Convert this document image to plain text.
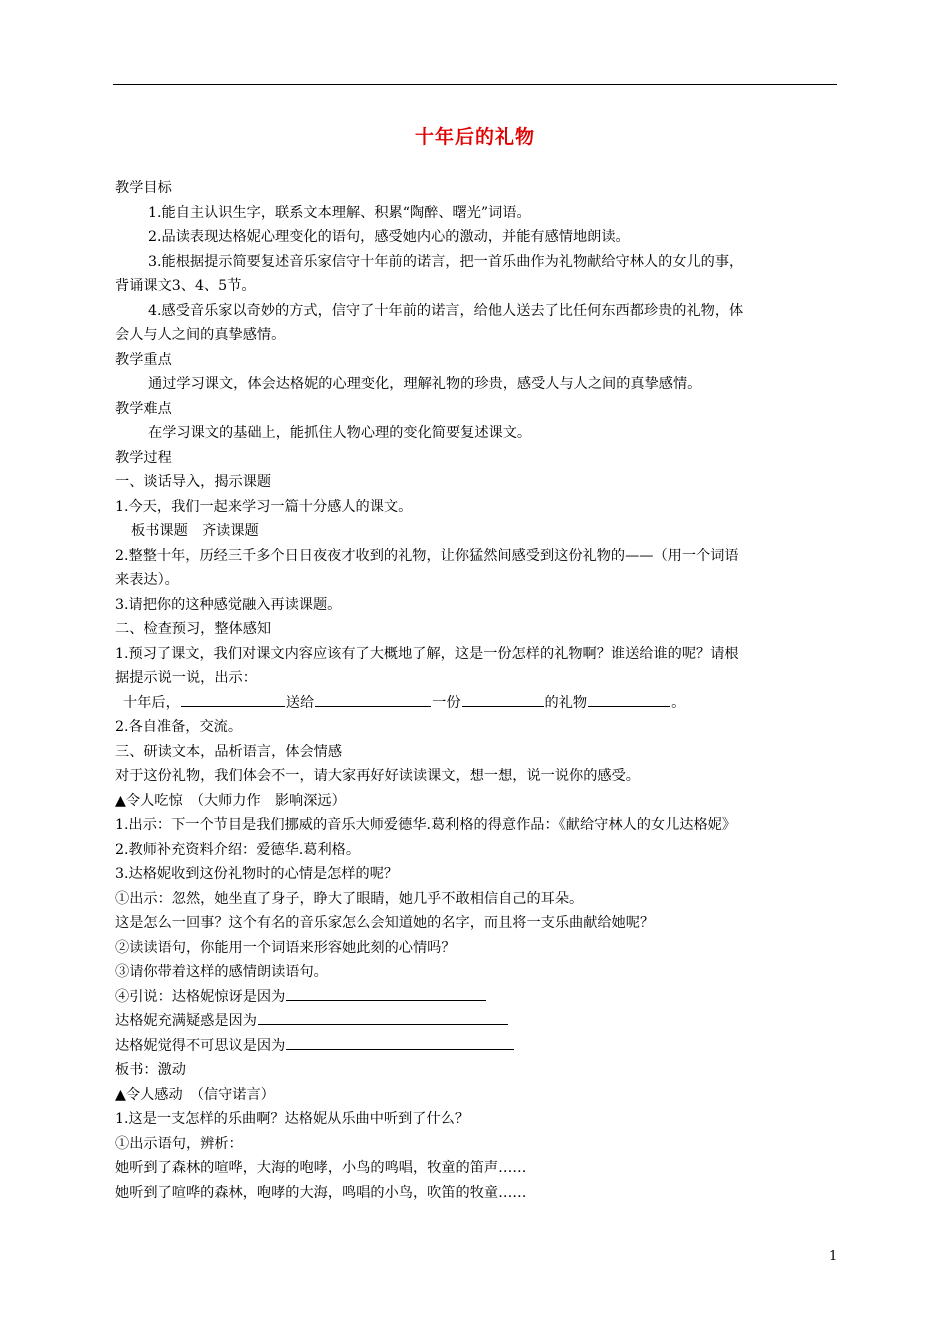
十年后的礼物
教学目标
1.能自主认识生字，联系文本理解、积累“陶醉、曙光”词语。
2.品读表现达格妮心理变化的语句，感受她内心的激动，并能有感情地朗读。
3.能根据提示简要复述音乐家信守十年前的诺言，把一首乐曲作为礼物献给守林人的女儿的事，
背诵课文3、4、5节。
4.感受音乐家以奇妙的方式，信守了十年前的诺言，给他人送去了比任何东西都珍贵的礼物，体
会人与人之间的真挚感情。
教学重点
通过学习课文，体会达格妮的心理变化，理解礼物的珍贵，感受人与人之间的真挚感情。
教学难点
在学习课文的基础上，能抓住人物心理的变化简要复述课文。
教学过程
一、谈话导入，揭示课题
1.今天，我们一起来学习一篇十分感人的课文。
板书课题　齐读课题
2.整整十年，历经三千多个日日夜夜才收到的礼物，让你猛然间感受到这份礼物的——（用一个词语
来表达）。
3.请把你的这种感觉融入再读课题。
二、检查预习，整体感知
1.预习了课文，我们对课文内容应该有了大概地了解，这是一份怎样的礼物啊？谁送给谁的呢？请根
据提示说一说，出示：
十年后，	送给	一份	的礼物	。
2.各自准备，交流。
三、研读文本，品析语言，体会情感
对于这份礼物，我们体会不一，请大家再好好读读课文，想一想，说一说你的感受。
▲令人吃惊　（大师力作　影响深远）
1.出示：下一个节目是我们挪威的音乐大师爱德华.葛利格的得意作品：《献给守林人的女儿达格妮》
2.教师补充资料介绍：爱德华.葛利格。
3.达格妮收到这份礼物时的心情是怎样的呢？
①出示：忽然，她坐直了身子，睁大了眼睛，她几乎不敢相信自己的耳朵。
这是怎么一回事？这个有名的音乐家怎么会知道她的名字，而且将一支乐曲献给她呢？
②读读语句，你能用一个词语来形容她此刻的心情吗？
③请你带着这样的感情朗读语句。
④引说：达格妮惊讶是因为
达格妮充满疑惑是因为
达格妮觉得不可思议是因为
板书：激动
▲令人感动　（信守诺言）
1.这是一支怎样的乐曲啊？达格妮从乐曲中听到了什么？
①出示语句，辨析：
她听到了森林的喧哗，大海的咆哮，小鸟的鸣唱，牧童的笛声……
她听到了喧哗的森林，咆哮的大海，鸣唱的小鸟，吹笛的牧童……
1
